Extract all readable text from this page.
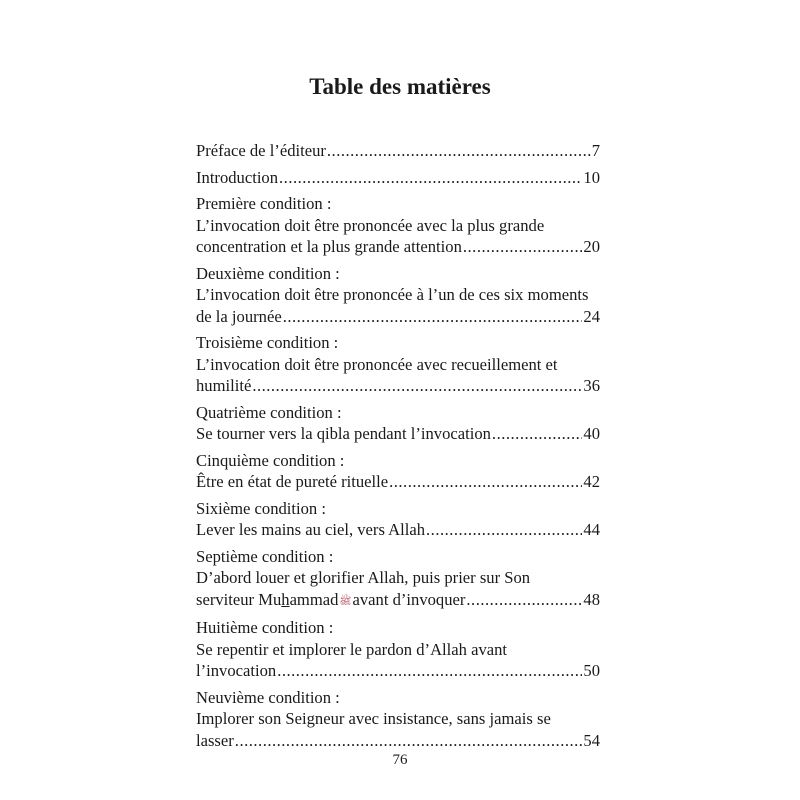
Table des matières
Préface de l’éditeur .....	7
Introduction .....	10
Première condition :
L’invocation doit être prononcée avec la plus grande
concentration et la plus grande attention .....	20
Deuxième condition :
L’invocation doit être prononcée à l’un de ces six moments
de la journée .....	24
Troisième condition :
L’invocation doit être prononcée avec recueillement et
humilité .....	36
Quatrième condition :
Se tourner vers la qibla pendant l’invocation .....	40
Cinquième condition :
Être en état de pureté rituelle .....	42
Sixième condition :
Lever les mains au ciel, vers Allah .....	44
Septième condition :
D’abord louer et glorifier Allah, puis prier sur Son
serviteur Muhammadﷺavant d’invoquer .....	48
Huitième condition :
Se repentir et implorer le pardon d’Allah avant
l’invocation .....	50
Neuvième condition :
Implorer son Seigneur avec insistance, sans jamais se
lasser .....	54
76
